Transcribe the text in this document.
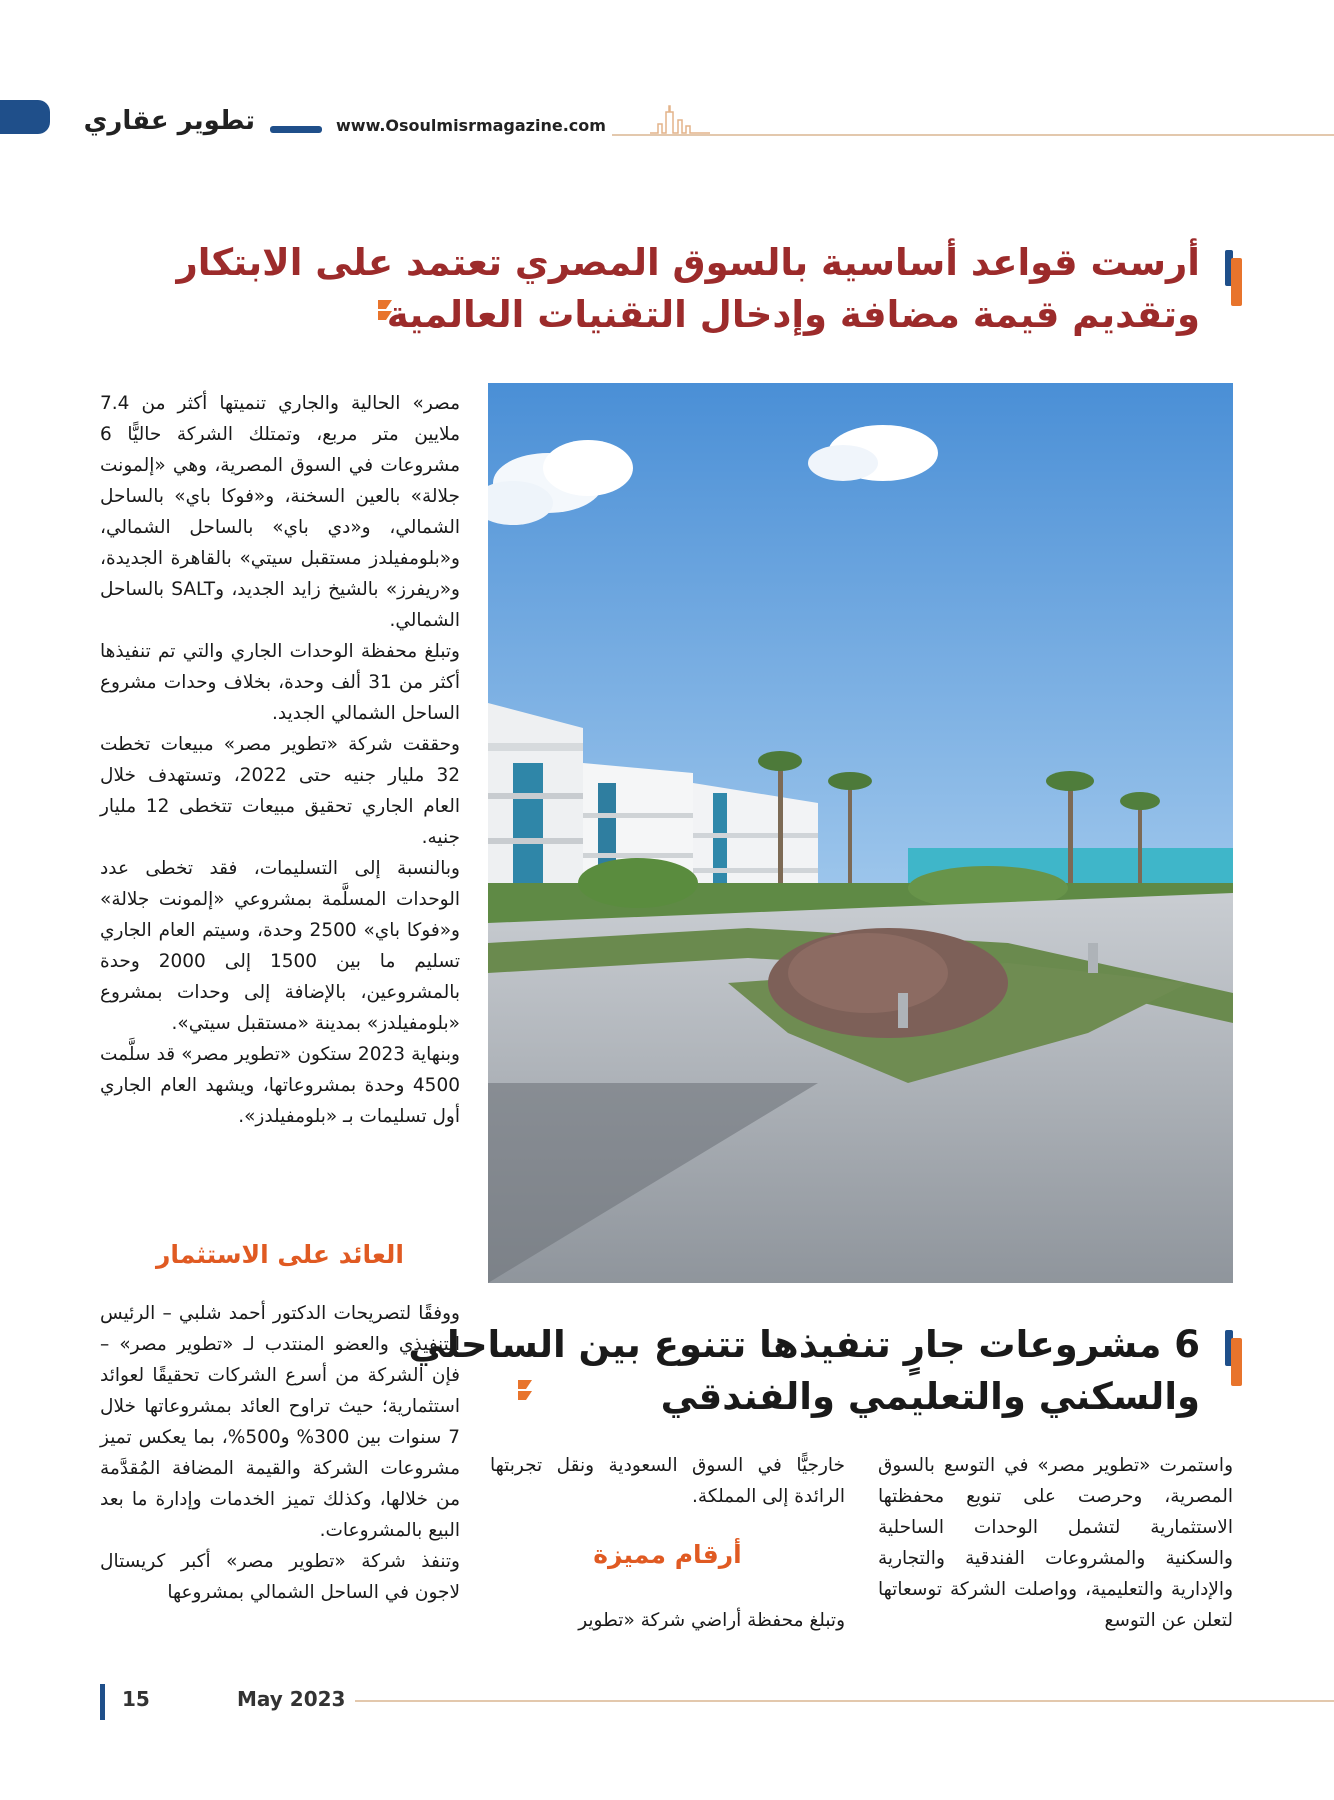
تطوير عقاري	www.Osoulmisrmagazine.com
أرست قواعد أساسية بالسوق المصري تعتمد على الابتكار
وتقديم قيمة مضافة وإدخال التقنيات العالمية

مصر» الحالية والجاري تنميتها أكثر من 7.4 ملايين متر مربع، وتمتلك الشركة حاليًّا 6 مشروعات في السوق المصرية، وهي «إلمونت جلالة» بالعين السخنة، و«فوكا باي» بالساحل الشمالي، و«دي باي» بالساحل الشمالي، و«بلومفيلدز مستقبل سيتي» بالقاهرة الجديدة، و«ريفرز» بالشيخ زايد الجديد، وSALT بالساحل الشمالي.

وتبلغ محفظة الوحدات الجاري والتي تم تنفيذها أكثر من 31 ألف وحدة، بخلاف وحدات مشروع الساحل الشمالي الجديد.

وحققت شركة «تطوير مصر» مبيعات تخطت 32 مليار جنيه حتى 2022، وتستهدف خلال العام الجاري تحقيق مبيعات تتخطى 12 مليار جنيه.

وبالنسبة إلى التسليمات، فقد تخطى عدد الوحدات المسلَّمة بمشروعي «إلمونت جلالة» و«فوكا باي» 2500 وحدة، وسيتم العام الجاري تسليم ما بين 1500 إلى 2000 وحدة بالمشروعين، بالإضافة إلى وحدات بمشروع «بلومفيلدز» بمدينة «مستقبل سيتي».

وبنهاية 2023 ستكون «تطوير مصر» قد سلَّمت 4500 وحدة بمشروعاتها، ويشهد العام الجاري أول تسليمات بـ «بلومفيلدز».

العائد على الاستثمار

ووفقًا لتصريحات الدكتور أحمد شلبي – الرئيس التنفيذي والعضو المنتدب لـ «تطوير مصر» – فإن الشركة من أسرع الشركات تحقيقًا لعوائد استثمارية؛ حيث تراوح العائد بمشروعاتها خلال 7 سنوات بين 300% و500%، بما يعكس تميز مشروعات الشركة والقيمة المضافة المُقدَّمة من خلالها، وكذلك تميز الخدمات وإدارة ما بعد البيع بالمشروعات.

وتنفذ شركة «تطوير مصر» أكبر كريستال لاجون في الساحل الشمالي بمشروعها

6 مشروعات جارٍ تنفيذها تتنوع بين الساحلي
والسكني والتعليمي والفندقي

خارجيًّا في السوق السعودية ونقل تجربتها الرائدة إلى المملكة.

أرقام مميزة

وتبلغ محفظة أراضي شركة «تطوير

واستمرت «تطوير مصر» في التوسع بالسوق المصرية، وحرصت على تنويع محفظتها الاستثمارية لتشمل الوحدات الساحلية والسكنية والمشروعات الفندقية والتجارية والإدارية والتعليمية، وواصلت الشركة توسعاتها لتعلن عن التوسع

15	May 2023
